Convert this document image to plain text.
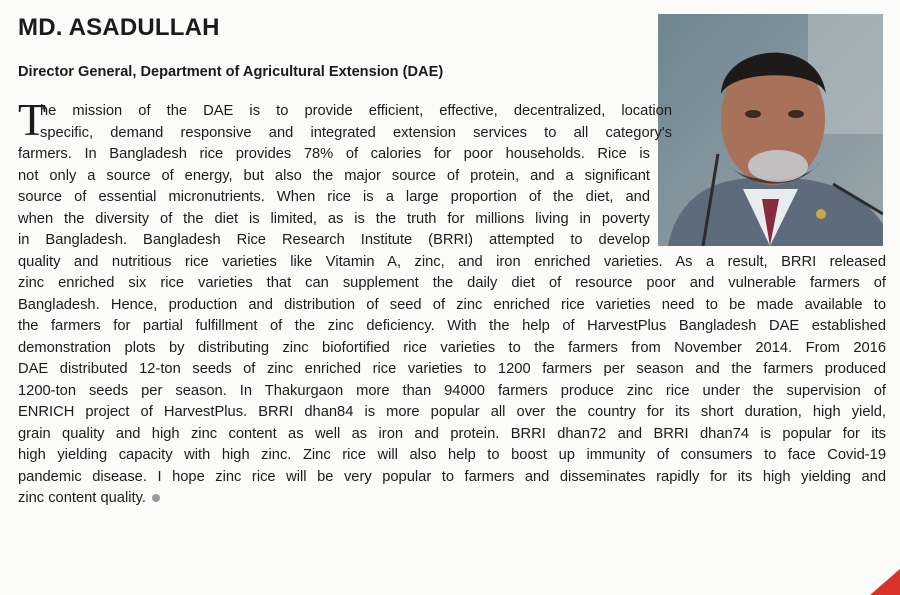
MD. ASADULLAH
Director General, Department of Agricultural Extension (DAE)
T
he mission of the DAE is to provide efficient, effective, decentralized, location
specific, demand responsive and integrated extension services to all category's
farmers. In Bangladesh rice provides 78% of calories for poor households. Rice is
not only a source of energy, but also the major source of protein, and a significant
source of essential micronutrients. When rice is a large proportion of the diet, and
when the diversity of the diet is limited, as is the truth for millions living in poverty
in Bangladesh. Bangladesh Rice Research Institute (BRRI) attempted to develop
quality and nutritious rice varieties like Vitamin A, zinc, and iron enriched varieties. As a result, BRRI released
zinc enriched six rice varieties that can supplement the daily diet of resource poor and vulnerable farmers of
Bangladesh. Hence, production and distribution of seed of zinc enriched rice varieties need to be made available to
the farmers for partial fulfillment of the zinc deficiency. With the help of HarvestPlus Bangladesh DAE established
demonstration plots by distributing zinc biofortified rice varieties to the farmers from November 2014. From 2016
DAE distributed 12-ton seeds of zinc enriched rice varieties to 1200 farmers per season and the farmers produced
1200-ton seeds per season. In Thakurgaon more than 94000 farmers produce zinc rice under the supervision of
ENRICH project of HarvestPlus. BRRI dhan84 is more popular all over the country for its short duration, high yield,
grain quality and high zinc content as well as iron and protein. BRRI dhan72 and BRRI dhan74 is popular for its
high yielding capacity with high zinc. Zinc rice will also help to boost up immunity of consumers to face Covid-19
pandemic disease. I hope zinc rice will be very popular to farmers and disseminates rapidly for its high yielding and
zinc content quality.
